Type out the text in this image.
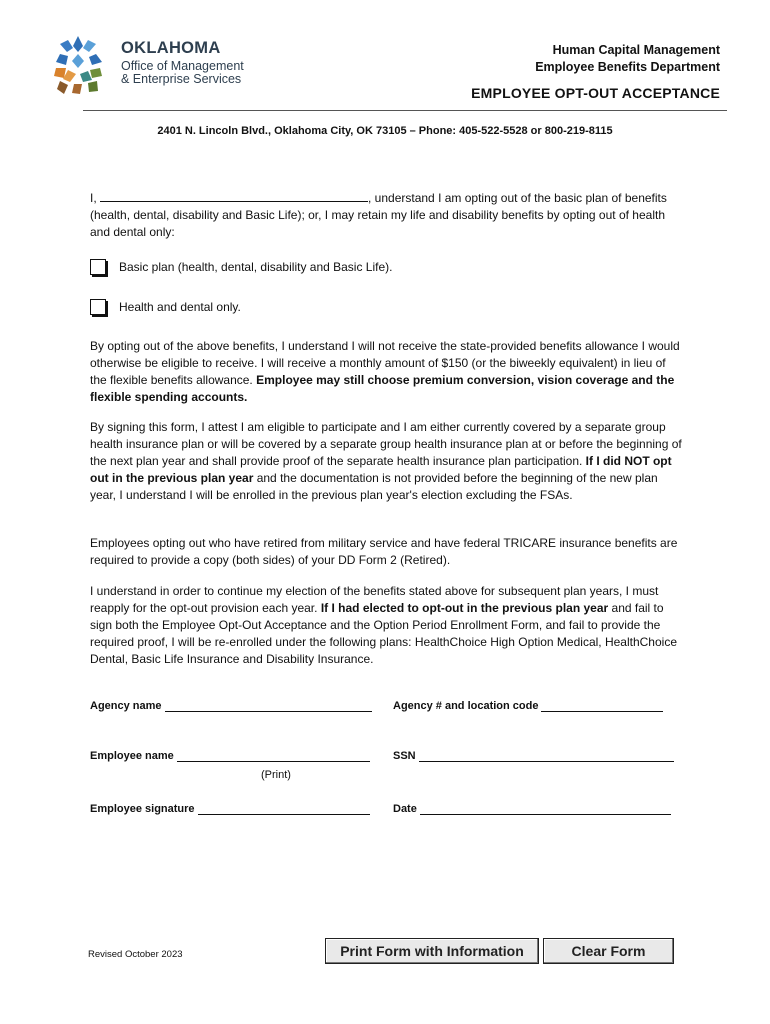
OKLAHOMA
Office of Management
& Enterprise Services
Human Capital Management
Employee Benefits Department
EMPLOYEE OPT-OUT ACCEPTANCE
2401 N. Lincoln Blvd., Oklahoma City, OK 73105 – Phone: 405-522-5528 or 800-219-8115
I,	, understand I am opting out of the basic plan of benefits (health, dental, disability and Basic Life); or, I may retain my life and disability benefits by opting out of health and dental only:
Basic plan (health, dental, disability and Basic Life).
Health and dental only.
By opting out of the above benefits, I understand I will not receive the state-provided benefits allowance I would otherwise be eligible to receive. I will receive a monthly amount of $150 (or the biweekly equivalent) in lieu of the flexible benefits allowance. Employee may still choose premium conversion, vision coverage and the flexible spending accounts.
By signing this form, I attest I am eligible to participate and I am either currently covered by a separate group health insurance plan or will be covered by a separate group health insurance plan at or before the beginning of the next plan year and shall provide proof of the separate health insurance plan participation. If I did NOT opt out in the previous plan year and the documentation is not provided before the beginning of the new plan year, I understand I will be enrolled in the previous plan year's election excluding the FSAs.
Employees opting out who have retired from military service and have federal TRICARE insurance benefits are required to provide a copy (both sides) of your DD Form 2 (Retired).
I understand in order to continue my election of the benefits stated above for subsequent plan years, I must reapply for the opt-out provision each year. If I had elected to opt-out in the previous plan year and fail to sign both the Employee Opt-Out Acceptance and the Option Period Enrollment Form, and fail to provide the required proof, I will be re-enrolled under the following plans: HealthChoice High Option Medical, HealthChoice Dental, Basic Life Insurance and Disability Insurance.
Agency name	Agency # and location code
Employee name	SSN
(Print)
Employee signature	Date
Revised October 2023	Print Form with Information	Clear Form
